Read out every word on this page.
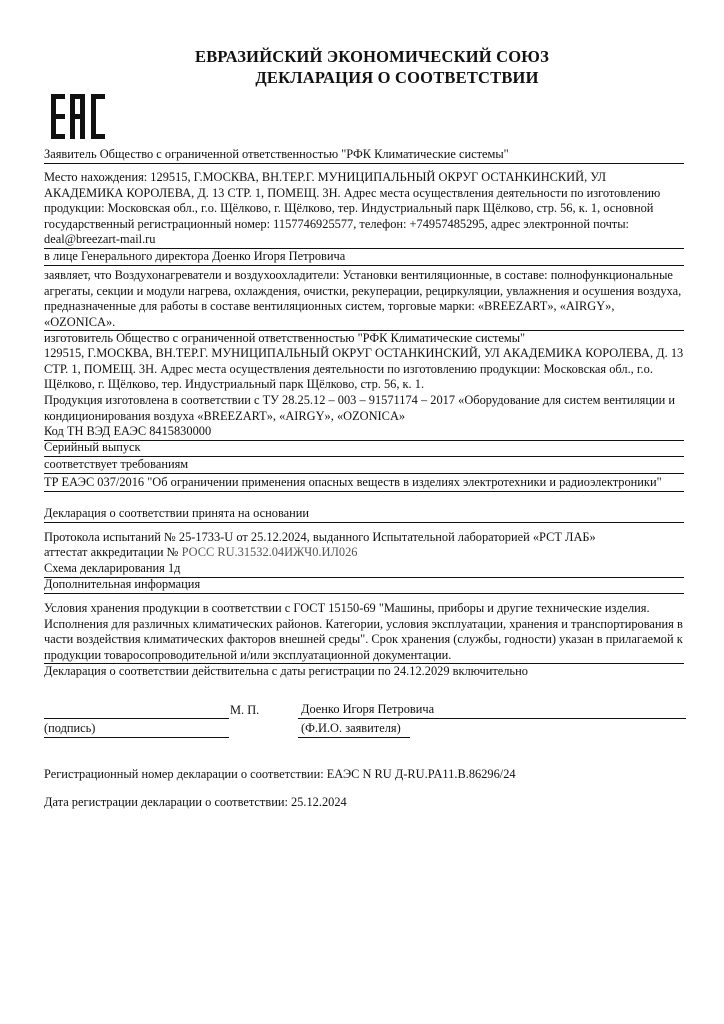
ЕВРАЗИЙСКИЙ ЭКОНОМИЧЕСКИЙ СОЮЗ
ДЕКЛАРАЦИЯ О СООТВЕТСТВИИ
Заявитель Общество с ограниченной ответственностью "РФК Климатические системы"
Место нахождения: 129515, Г.МОСКВА, ВН.ТЕР.Г. МУНИЦИПАЛЬНЫЙ ОКРУГ ОСТАНКИНСКИЙ, УЛ АКАДЕМИКА КОРОЛЕВА, Д. 13 СТР. 1, ПОМЕЩ. 3Н. Адрес места осуществления деятельности по изготовлению продукции: Московская обл., г.о. Щёлково, г. Щёлково, тер. Индустриальный парк Щёлково, стр. 56, к. 1, основной государственный регистрационный номер: 1157746925577, телефон: +74957485295, адрес электронной почты: deal@breezart-mail.ru
в лице Генерального директора Доенко Игоря Петровича
заявляет, что Воздухонагреватели и воздухоохладители: Установки вентиляционные, в составе: полнофункциональные агрегаты, секции и модули нагрева, охлаждения, очистки, рекуперации, рециркуляции, увлажнения и осушения воздуха, предназначенные для работы в составе вентиляционных систем, торговые марки: «BREEZART», «AIRGY», «OZONICA».
изготовитель Общество с ограниченной ответственностью "РФК Климатические системы"
129515, Г.МОСКВА, ВН.ТЕР.Г. МУНИЦИПАЛЬНЫЙ ОКРУГ ОСТАНКИНСКИЙ, УЛ АКАДЕМИКА КОРОЛЕВА, Д. 13 СТР. 1, ПОМЕЩ. 3Н. Адрес места осуществления деятельности по изготовлению продукции: Московская обл., г.о. Щёлково, г. Щёлково, тер. Индустриальный парк Щёлково, стр. 56, к. 1.
Продукция изготовлена в соответствии с ТУ 28.25.12 – 003 – 91571174 – 2017 «Оборудование для систем вентиляции и кондиционирования воздуха «BREEZART», «AIRGY», «OZONICA»
Код ТН ВЭД ЕАЭС 8415830000
Серийный выпуск
соответствует требованиям
ТР ЕАЭС 037/2016 "Об ограничении применения опасных веществ в изделиях электротехники и радиоэлектроники"
Декларация о соответствии принята на основании
Протокола испытаний № 25-1733-U от 25.12.2024, выданного Испытательной лабораторией «РСТ ЛАБ»
аттестат аккредитации № РОСС RU.31532.04ИЖЧ0.ИЛ026
Схема декларирования 1д
Дополнительная информация
Условия хранения продукции в соответствии с ГОСТ 15150-69 "Машины, приборы и другие технические изделия. Исполнения для различных климатических районов. Категории, условия эксплуатации, хранения и транспортирования в части воздействия климатических факторов внешней среды". Срок хранения (службы, годности) указан в прилагаемой к продукции товаросопроводительной и/или эксплуатационной документации.
Декларация о соответствии действительна с даты регистрации по 24.12.2029 включительно
М. П.	Доенко Игоря Петровича
(подпись)	(Ф.И.О. заявителя)
Регистрационный номер декларации о соответствии: ЕАЭС N RU Д-RU.PA11.B.86296/24
Дата регистрации декларации о соответствии: 25.12.2024
